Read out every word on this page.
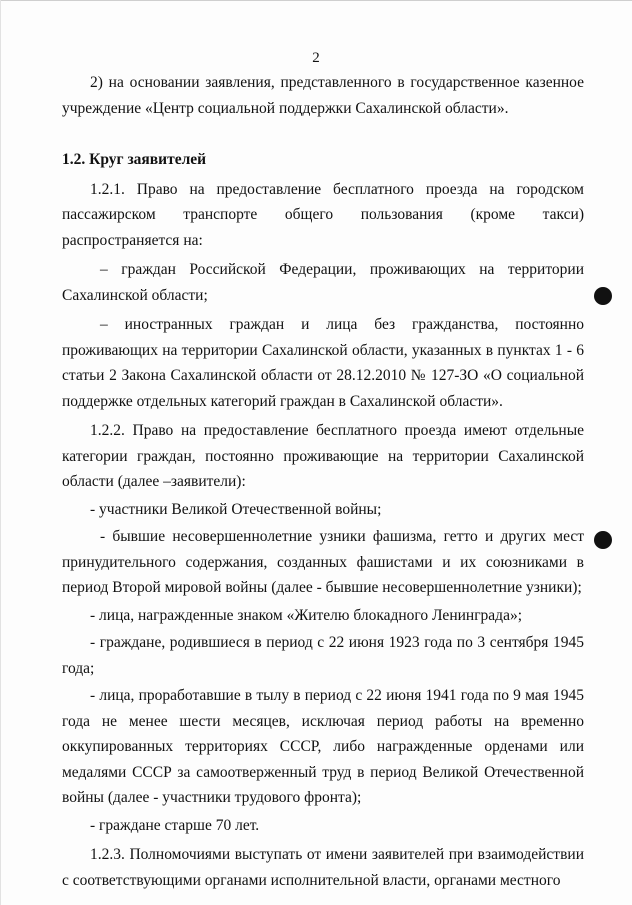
2

2) на основании заявления, представленного в государственное казенное учреждение «Центр социальной поддержки Сахалинской области».

1.2. Круг заявителей

1.2.1. Право на предоставление бесплатного проезда на городском пассажирском транспорте общего пользования (кроме такси) распространяется на:

– граждан Российской Федерации, проживающих на территории Сахалинской области;

– иностранных граждан и лица без гражданства, постоянно проживающих на территории Сахалинской области, указанных в пунктах 1 - 6 статьи 2 Закона Сахалинской области от 28.12.2010 № 127-ЗО «О социальной поддержке отдельных категорий граждан в Сахалинской области».

1.2.2. Право на предоставление бесплатного проезда имеют отдельные категории граждан, постоянно проживающие на территории Сахалинской области (далее –заявители):

- участники Великой Отечественной войны;

- бывшие несовершеннолетние узники фашизма, гетто и других мест принудительного содержания, созданных фашистами и их союзниками в период Второй мировой войны (далее - бывшие несовершеннолетние узники);

- лица, награжденные знаком «Жителю блокадного Ленинграда»;

- граждане, родившиеся в период с 22 июня 1923 года по 3 сентября 1945 года;

- лица, проработавшие в тылу в период с 22 июня 1941 года по 9 мая 1945 года не менее шести месяцев, исключая период работы на временно оккупированных территориях СССР, либо награжденные орденами или медалями СССР за самоотверженный труд в период Великой Отечественной войны (далее - участники трудового фронта);

- граждане старше 70 лет.

1.2.3. Полномочиями выступать от имени заявителей при взаимодействии с соответствующими органами исполнительной власти, органами местного
